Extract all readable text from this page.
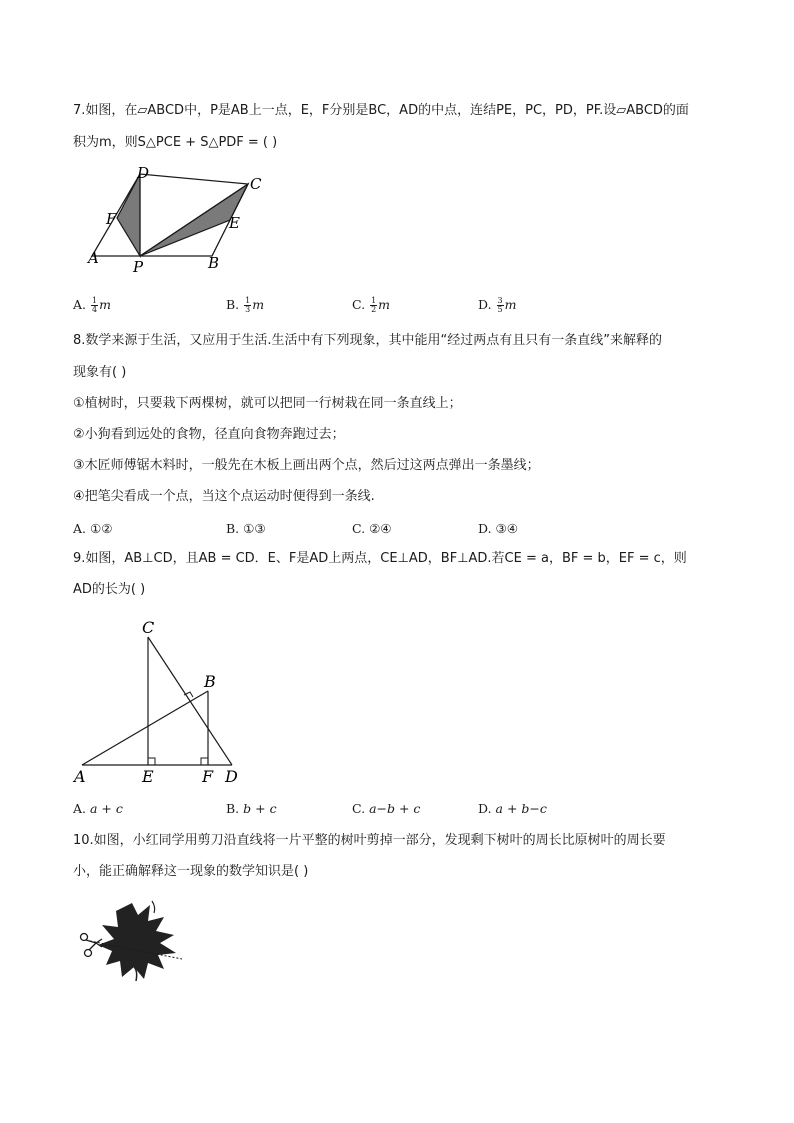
7.如图，在▱ABCD中，P是AB上一点，E，F分别是BC，AD的中点，连结PE，PC，PD，PF.设▱ABCD的面
积为m，则S△PCE + S△PDF = ( )
D
C
F	E
A P	B
A. $\frac{1}{4}$ m	B. $\frac{1}{3}$ m	C. $\frac{1}{2}$ m	D. $\frac{3}{5}$ m
8.数学来源于生活，又应用于生活.生活中有下列现象，其中能用“经过两点有且只有一条直线”来解释的
现象有( )
①植树时，只要栽下两棵树，就可以把同一行树栽在同一条直线上；
②小狗看到远处的食物，径直向食物奔跑过去；
③木匠师傅锯木料时，一般先在木板上画出两个点，然后过这两点弹出一条墨线；
④把笔尖看成一个点，当这个点运动时便得到一条线.
A. ①②	B. ①③	C. ②④	D. ③④
9.如图，AB⊥CD，且AB = CD．E、F是AD上两点，CE⊥AD，BF⊥AD.若CE = a，BF = b，EF = c，则
AD的长为( )
C
B
A	E	F D
A. a + c	B. b + c	C. a−b + c	D. a + b−c
10.如图，小红同学用剪刀沿直线将一片平整的树叶剪掉一部分，发现剩下树叶的周长比原树叶的周长要
小，能正确解释这一现象的数学知识是( )
